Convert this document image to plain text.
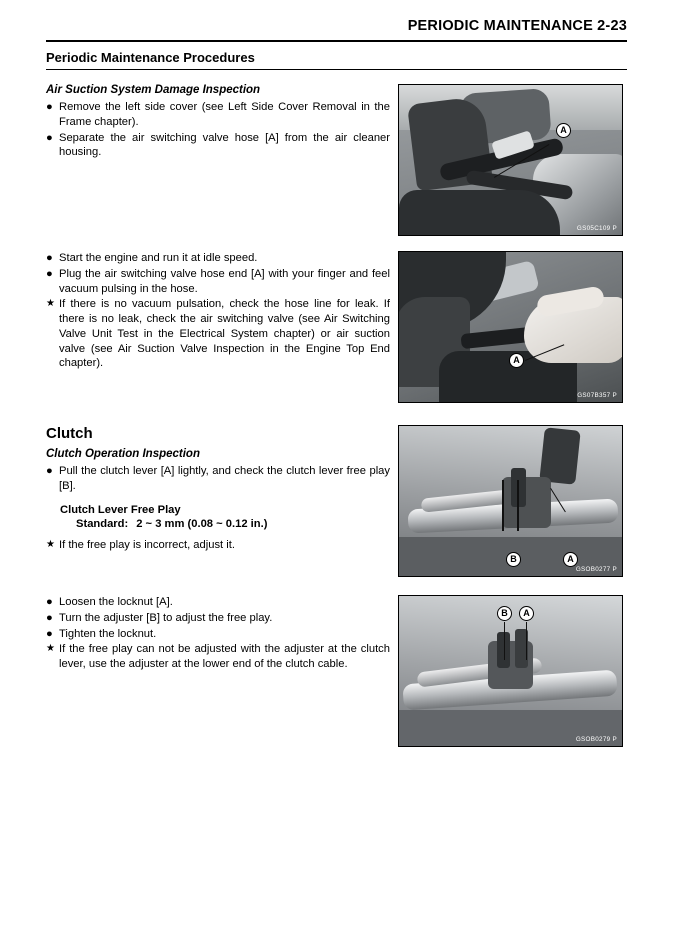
PERIODIC MAINTENANCE 2-23
Periodic Maintenance Procedures
Air Suction System Damage Inspection
● Remove the left side cover (see Left Side Cover Removal in the Frame chapter).
● Separate the air switching valve hose [A] from the air cleaner housing.
A
GS05C109 P
● Start the engine and run it at idle speed.
● Plug the air switching valve hose end [A] with your finger and feel vacuum pulsing in the hose.
★ If there is no vacuum pulsation, check the hose line for leak. If there is no leak, check the air switching valve (see Air Switching Valve Unit Test in the Electrical System chapter) or air suction valve (see Air Suction Valve Inspection in the Engine Top End chapter).	A
GS07B357 P
Clutch
Clutch Operation Inspection
● Pull the clutch lever [A] lightly, and check the clutch lever free play [B].
Clutch Lever Free Play
Standard: 2 ~ 3 mm (0.08 ~ 0.12 in.)
★ If the free play is incorrect, adjust it.
A
B
GSOB0277 P
● Loosen the locknut [A].
● Turn the adjuster [B] to adjust the free play.
● Tighten the locknut.
★ If the free play can not be adjusted with the adjuster at the clutch lever, use the adjuster at the lower end of the clutch cable.
B	A
GSOB0279 P
